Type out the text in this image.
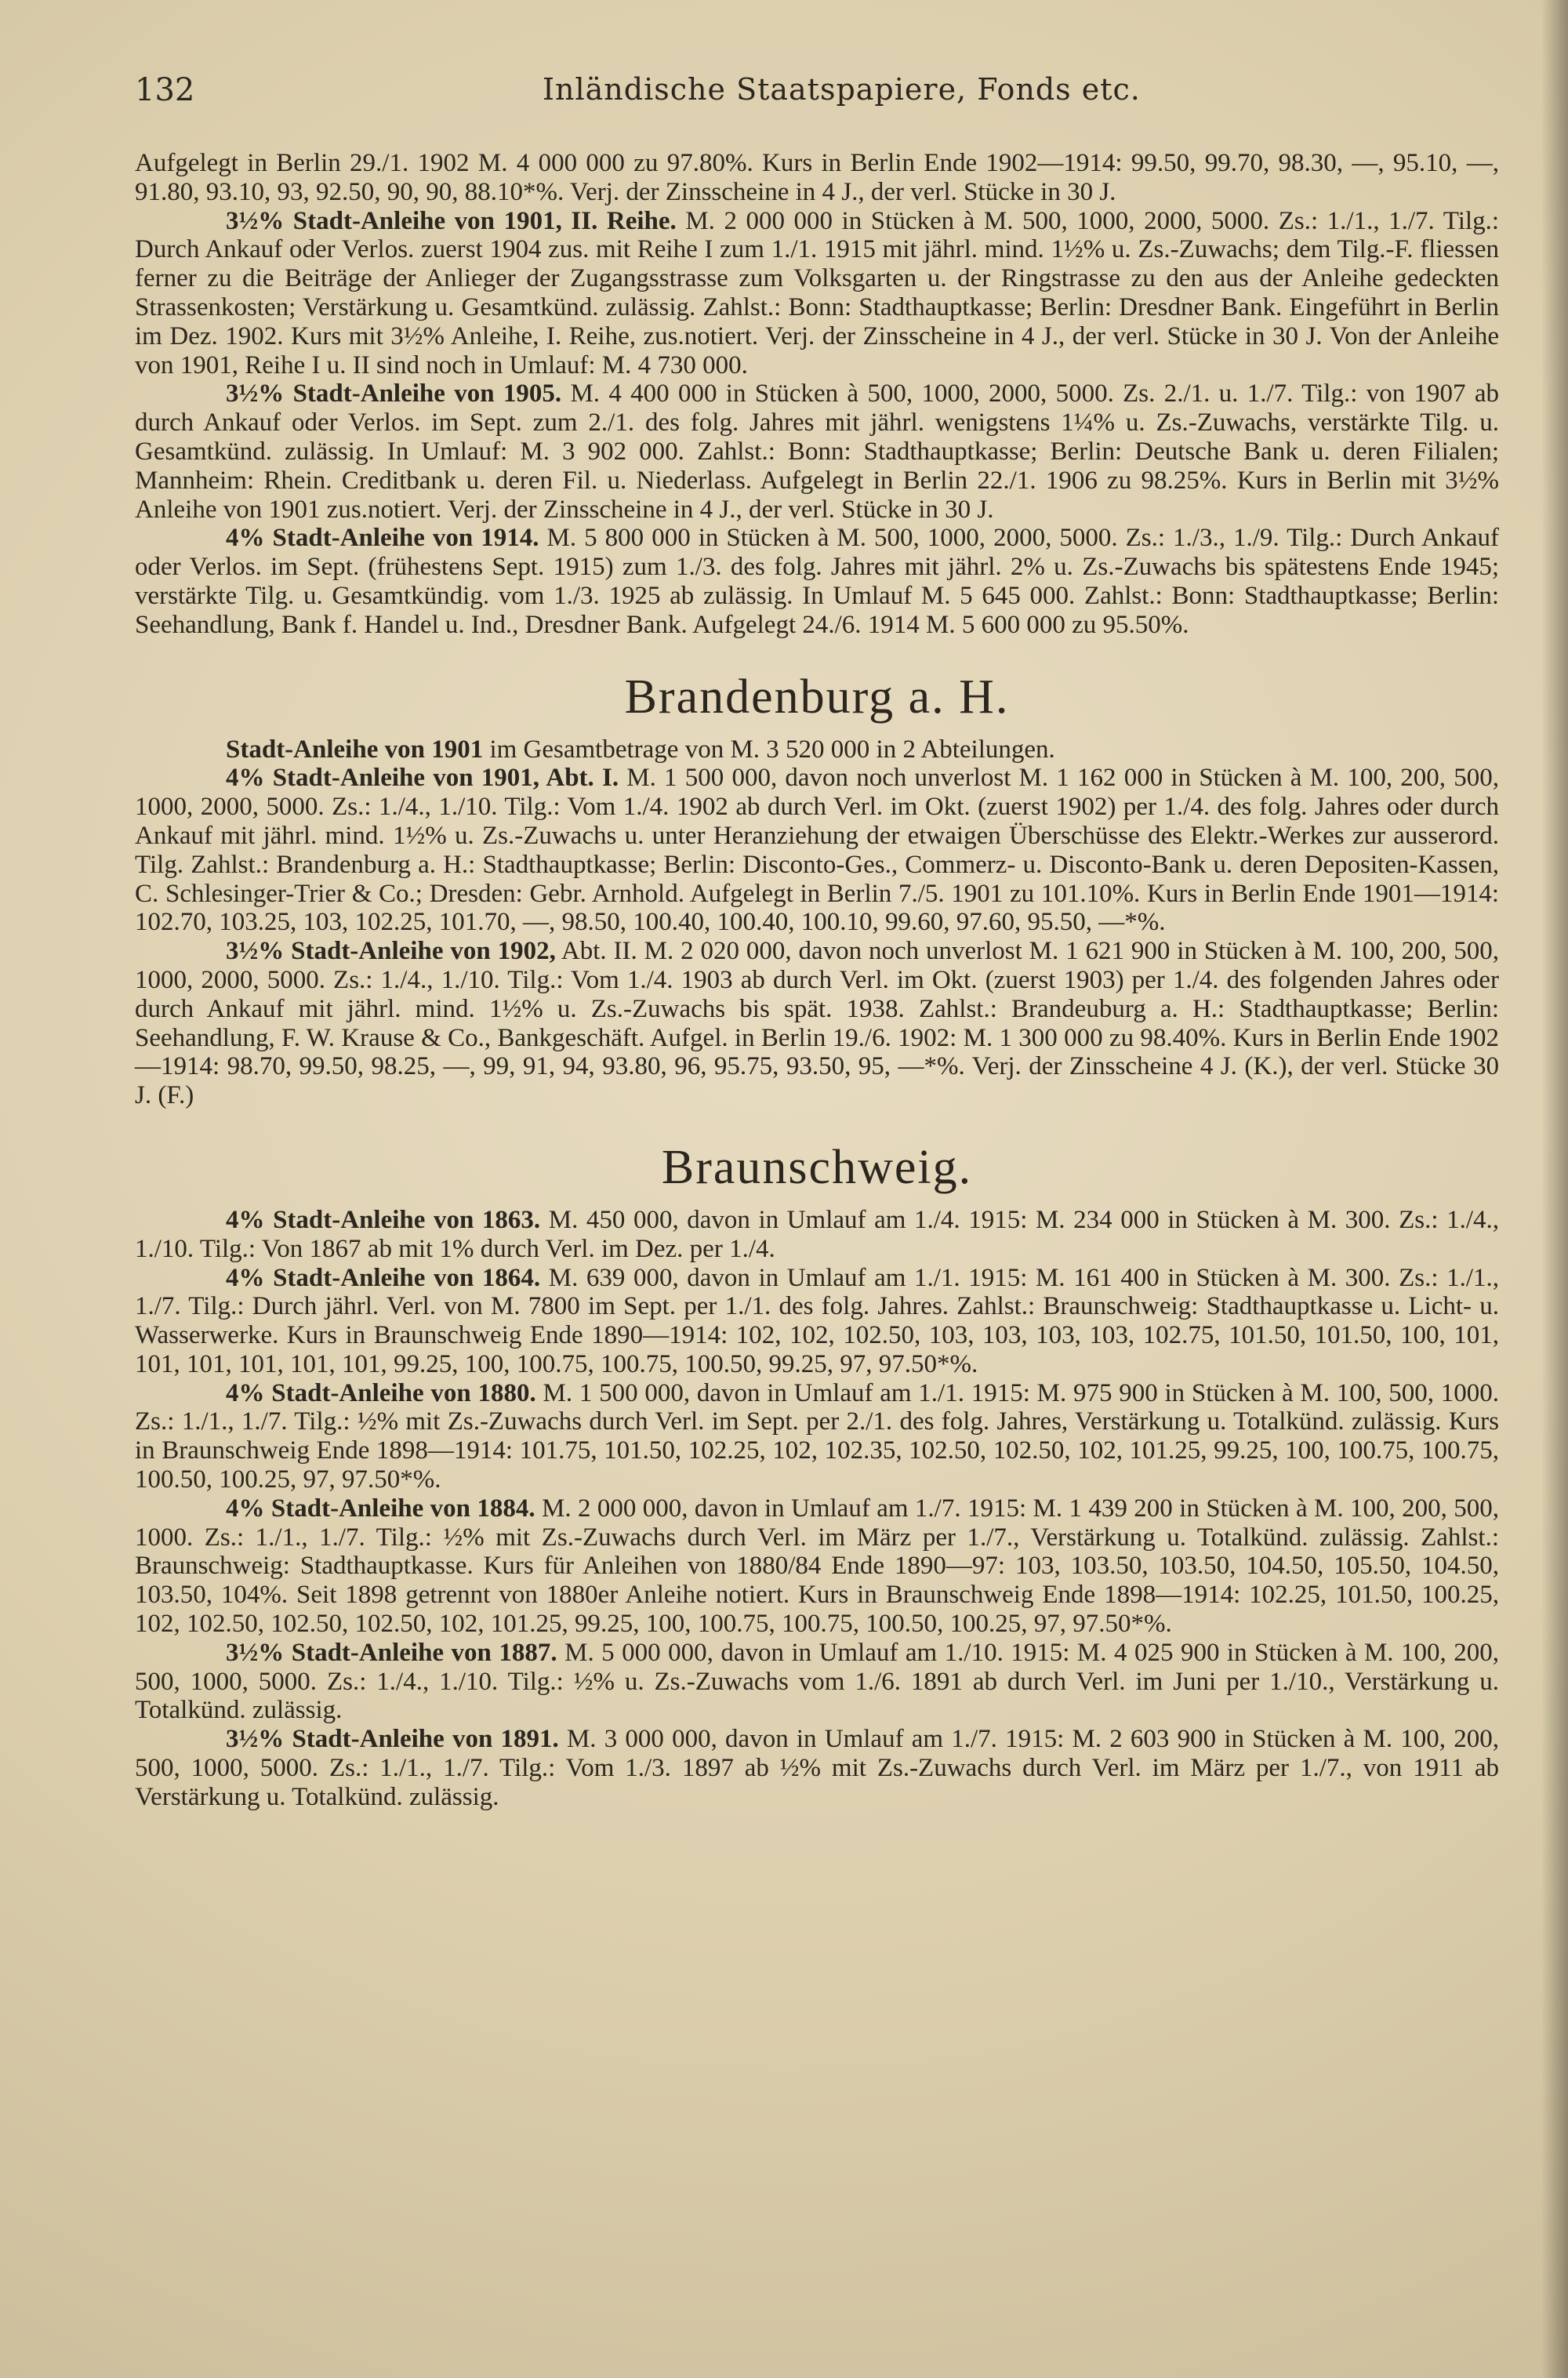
132	Inländische Staatspapiere, Fonds etc.

Aufgelegt in Berlin 29./1. 1902 M. 4 000 000 zu 97.80%. Kurs in Berlin Ende 1902—1914: 99.50, 99.70, 98.30, —, 95.10, —, 91.80, 93.10, 93, 92.50, 90, 90, 88.10*%. Verj. der Zinsscheine in 4 J., der verl. Stücke in 30 J.

3½% Stadt-Anleihe von 1901, II. Reihe. M. 2 000 000 in Stücken à M. 500, 1000, 2000, 5000. Zs.: 1./1., 1./7. Tilg.: Durch Ankauf oder Verlos. zuerst 1904 zus. mit Reihe I zum 1./1. 1915 mit jährl. mind. 1½% u. Zs.-Zuwachs; dem Tilg.-F. fliessen ferner zu die Beiträge der Anlieger der Zugangsstrasse zum Volksgarten u. der Ringstrasse zu den aus der Anleihe gedeckten Strassenkosten; Verstärkung u. Gesamtkünd. zulässig. Zahlst.: Bonn: Stadthauptkasse; Berlin: Dresdner Bank. Eingeführt in Berlin im Dez. 1902. Kurs mit 3½% Anleihe, I. Reihe, zus.notiert. Verj. der Zinsscheine in 4 J., der verl. Stücke in 30 J. Von der Anleihe von 1901, Reihe I u. II sind noch in Umlauf: M. 4 730 000.

3½% Stadt-Anleihe von 1905. M. 4 400 000 in Stücken à 500, 1000, 2000, 5000. Zs. 2./1. u. 1./7. Tilg.: von 1907 ab durch Ankauf oder Verlos. im Sept. zum 2./1. des folg. Jahres mit jährl. wenigstens 1¼% u. Zs.-Zuwachs, verstärkte Tilg. u. Gesamtkünd. zulässig. In Umlauf: M. 3 902 000. Zahlst.: Bonn: Stadthauptkasse; Berlin: Deutsche Bank u. deren Filialen; Mannheim: Rhein. Creditbank u. deren Fil. u. Niederlass. Aufgelegt in Berlin 22./1. 1906 zu 98.25%. Kurs in Berlin mit 3½% Anleihe von 1901 zus.notiert. Verj. der Zinsscheine in 4 J., der verl. Stücke in 30 J.

4% Stadt-Anleihe von 1914. M. 5 800 000 in Stücken à M. 500, 1000, 2000, 5000. Zs.: 1./3., 1./9. Tilg.: Durch Ankauf oder Verlos. im Sept. (frühestens Sept. 1915) zum 1./3. des folg. Jahres mit jährl. 2% u. Zs.-Zuwachs bis spätestens Ende 1945; verstärkte Tilg. u. Gesamtkündig. vom 1./3. 1925 ab zulässig. In Umlauf M. 5 645 000. Zahlst.: Bonn: Stadthauptkasse; Berlin: Seehandlung, Bank f. Handel u. Ind., Dresdner Bank. Aufgelegt 24./6. 1914 M. 5 600 000 zu 95.50%.

Brandenburg a. H.

Stadt-Anleihe von 1901 im Gesamtbetrage von M. 3 520 000 in 2 Abteilungen.

4% Stadt-Anleihe von 1901, Abt. I. M. 1 500 000, davon noch unverlost M. 1 162 000 in Stücken à M. 100, 200, 500, 1000, 2000, 5000. Zs.: 1./4., 1./10. Tilg.: Vom 1./4. 1902 ab durch Verl. im Okt. (zuerst 1902) per 1./4. des folg. Jahres oder durch Ankauf mit jährl. mind. 1½% u. Zs.-Zuwachs u. unter Heranziehung der etwaigen Überschüsse des Elektr.-Werkes zur ausserord. Tilg. Zahlst.: Brandenburg a. H.: Stadthauptkasse; Berlin: Disconto-Ges., Commerz- u. Disconto-Bank u. deren Depositen-Kassen, C. Schlesinger-Trier & Co.; Dresden: Gebr. Arnhold. Aufgelegt in Berlin 7./5. 1901 zu 101.10%. Kurs in Berlin Ende 1901—1914: 102.70, 103.25, 103, 102.25, 101.70, —, 98.50, 100.40, 100.40, 100.10, 99.60, 97.60, 95.50, —*%.

3½% Stadt-Anleihe von 1902, Abt. II. M. 2 020 000, davon noch unverlost M. 1 621 900 in Stücken à M. 100, 200, 500, 1000, 2000, 5000. Zs.: 1./4., 1./10. Tilg.: Vom 1./4. 1903 ab durch Verl. im Okt. (zuerst 1903) per 1./4. des folgenden Jahres oder durch Ankauf mit jährl. mind. 1½% u. Zs.-Zuwachs bis spät. 1938. Zahlst.: Brandeuburg a. H.: Stadthauptkasse; Berlin: Seehandlung, F. W. Krause & Co., Bankgeschäft. Aufgel. in Berlin 19./6. 1902: M. 1 300 000 zu 98.40%. Kurs in Berlin Ende 1902—1914: 98.70, 99.50, 98.25, —, 99, 91, 94, 93.80, 96, 95.75, 93.50, 95, —*%. Verj. der Zinsscheine 4 J. (K.), der verl. Stücke 30 J. (F.)

Braunschweig.

4% Stadt-Anleihe von 1863. M. 450 000, davon in Umlauf am 1./4. 1915: M. 234 000 in Stücken à M. 300. Zs.: 1./4., 1./10. Tilg.: Von 1867 ab mit 1% durch Verl. im Dez. per 1./4.

4% Stadt-Anleihe von 1864. M. 639 000, davon in Umlauf am 1./1. 1915: M. 161 400 in Stücken à M. 300. Zs.: 1./1., 1./7. Tilg.: Durch jährl. Verl. von M. 7800 im Sept. per 1./1. des folg. Jahres. Zahlst.: Braunschweig: Stadthauptkasse u. Licht- u. Wasserwerke. Kurs in Braunschweig Ende 1890—1914: 102, 102, 102.50, 103, 103, 103, 103, 102.75, 101.50, 101.50, 100, 101, 101, 101, 101, 101, 101, 99.25, 100, 100.75, 100.75, 100.50, 99.25, 97, 97.50*%.

4% Stadt-Anleihe von 1880. M. 1 500 000, davon in Umlauf am 1./1. 1915: M. 975 900 in Stücken à M. 100, 500, 1000. Zs.: 1./1., 1./7. Tilg.: ½% mit Zs.-Zuwachs durch Verl. im Sept. per 2./1. des folg. Jahres, Verstärkung u. Totalkünd. zulässig. Kurs in Braunschweig Ende 1898—1914: 101.75, 101.50, 102.25, 102, 102.35, 102.50, 102.50, 102, 101.25, 99.25, 100, 100.75, 100.75, 100.50, 100.25, 97, 97.50*%.

4% Stadt-Anleihe von 1884. M. 2 000 000, davon in Umlauf am 1./7. 1915: M. 1 439 200 in Stücken à M. 100, 200, 500, 1000. Zs.: 1./1., 1./7. Tilg.: ½% mit Zs.-Zuwachs durch Verl. im März per 1./7., Verstärkung u. Totalkünd. zulässig. Zahlst.: Braunschweig: Stadthauptkasse. Kurs für Anleihen von 1880/84 Ende 1890—97: 103, 103.50, 103.50, 104.50, 105.50, 104.50, 103.50, 104%. Seit 1898 getrennt von 1880er Anleihe notiert. Kurs in Braunschweig Ende 1898—1914: 102.25, 101.50, 100.25, 102, 102.50, 102.50, 102.50, 102, 101.25, 99.25, 100, 100.75, 100.75, 100.50, 100.25, 97, 97.50*%.

3½% Stadt-Anleihe von 1887. M. 5 000 000, davon in Umlauf am 1./10. 1915: M. 4 025 900 in Stücken à M. 100, 200, 500, 1000, 5000. Zs.: 1./4., 1./10. Tilg.: ½% u. Zs.-Zuwachs vom 1./6. 1891 ab durch Verl. im Juni per 1./10., Verstärkung u. Totalkünd. zulässig.

3½% Stadt-Anleihe von 1891. M. 3 000 000, davon in Umlauf am 1./7. 1915: M. 2 603 900 in Stücken à M. 100, 200, 500, 1000, 5000. Zs.: 1./1., 1./7. Tilg.: Vom 1./3. 1897 ab ½% mit Zs.-Zuwachs durch Verl. im März per 1./7., von 1911 ab Verstärkung u. Totalkünd. zulässig.
